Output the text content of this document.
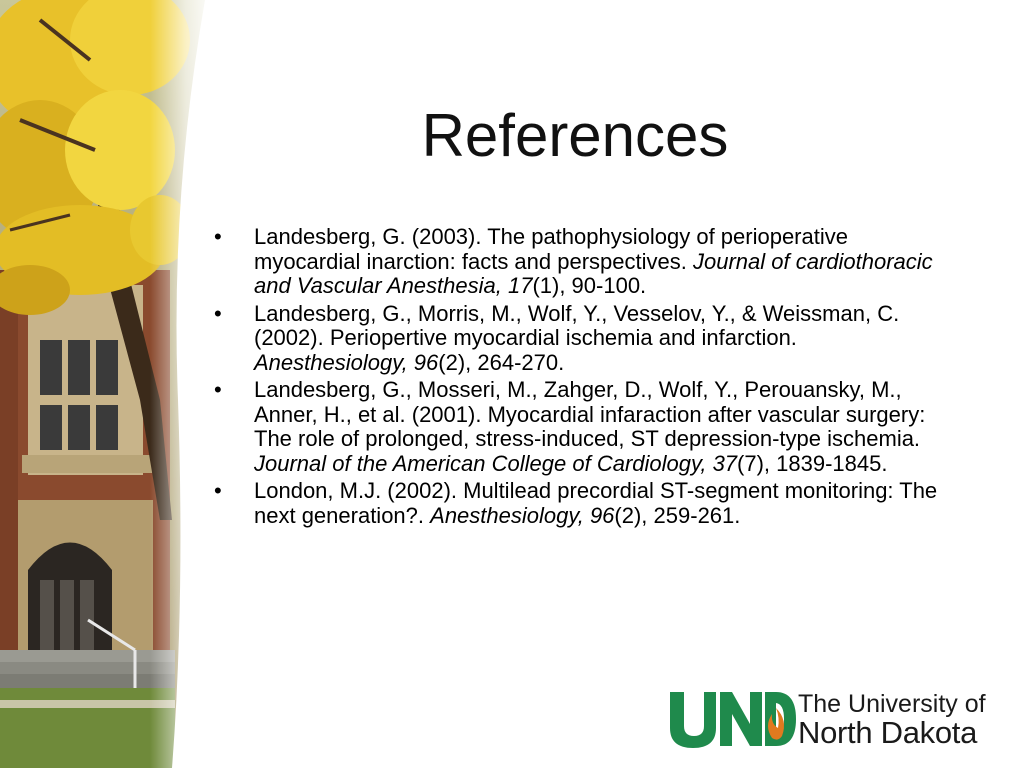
References
• Landesberg, G. (2003). The pathophysiology of perioperative myocardial inarction: facts and perspectives. Journal of cardiothoracic and Vascular Anesthesia, 17(1), 90-100.
• Landesberg, G., Morris, M., Wolf, Y., Vesselov, Y., & Weissman, C. (2002). Periopertive myocardial ischemia and infarction. Anesthesiology, 96(2), 264-270.
• Landesberg, G., Mosseri, M., Zahger, D., Wolf, Y., Perouansky, M., Anner, H., et al. (2001). Myocardial infaraction after vascular surgery: The role of prolonged, stress-induced, ST depression-type ischemia. Journal of the American College of Cardiology, 37(7), 1839-1845.
• London, M.J. (2002). Multilead precordial ST-segment monitoring: The next generation?. Anesthesiology, 96(2), 259-261.
The University of
North Dakota
